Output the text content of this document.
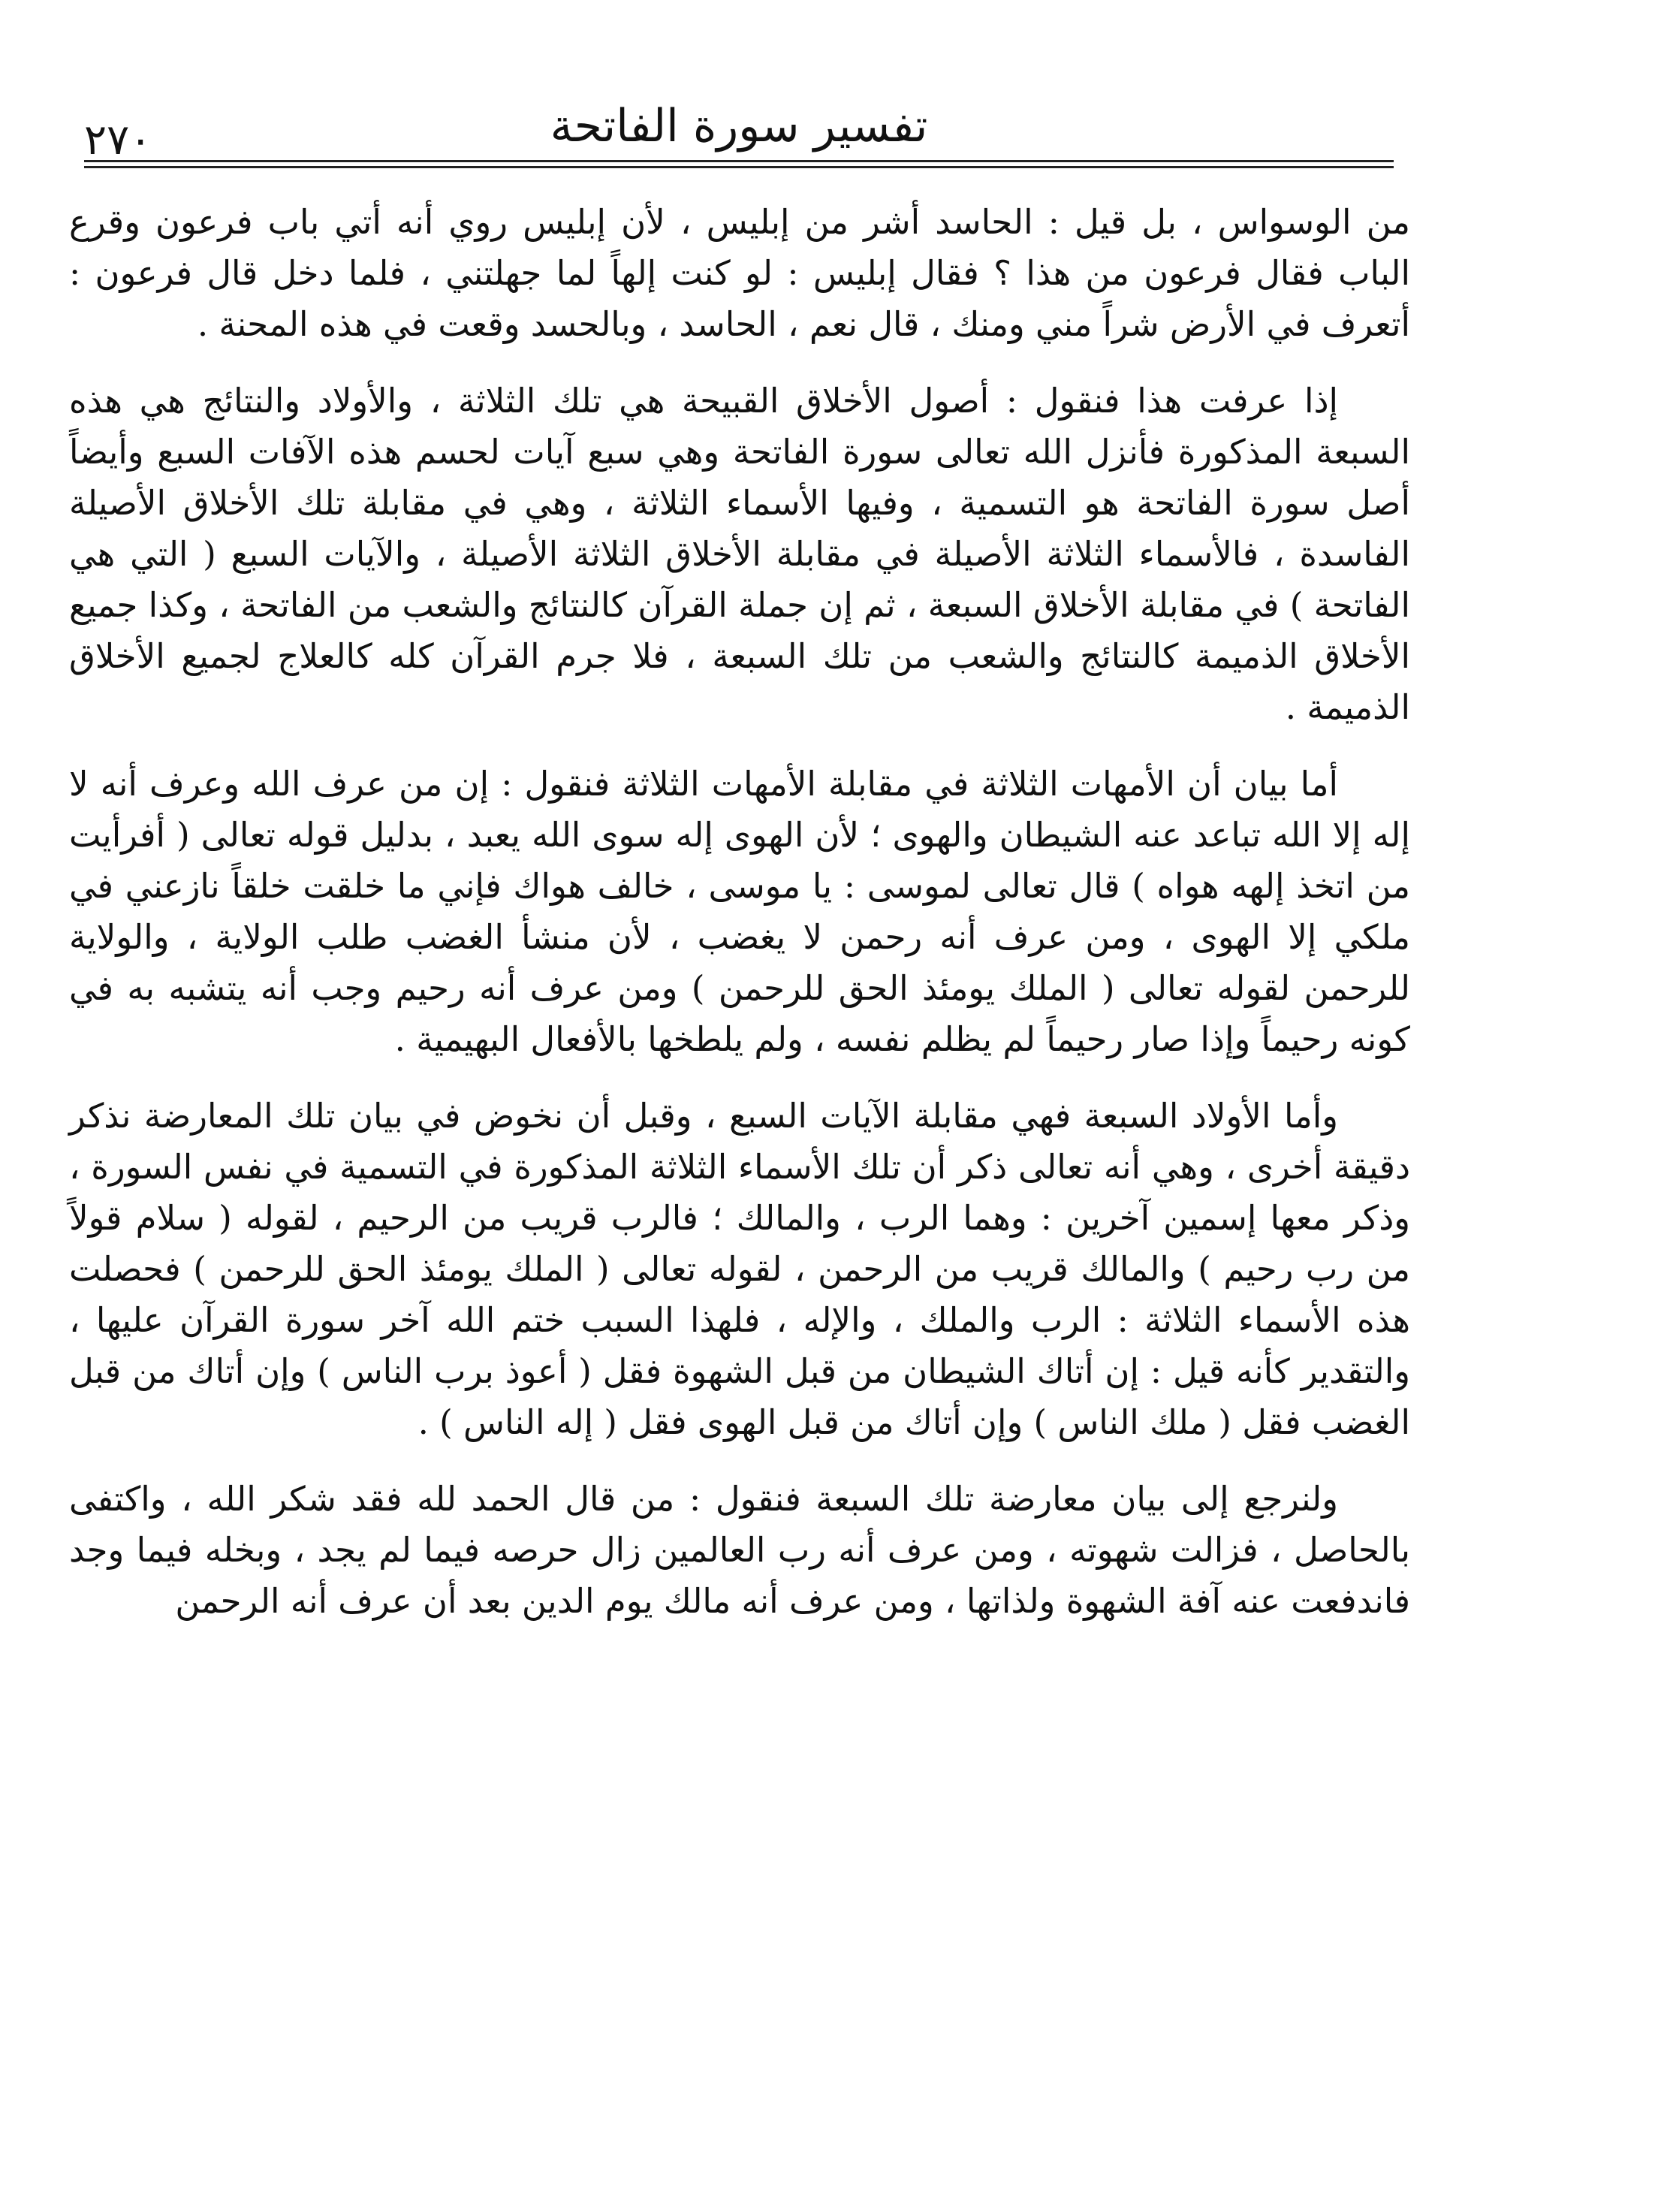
تفسير سورة الفاتحة
٢٧٠

من الوسواس ، بل قيل : الحاسد أشر من إبليس ، لأن إبليس روي أنه أتي باب فرعون وقرع الباب فقال فرعون من هذا ؟ فقال إبليس : لو كنت إلهاً لما جهلتني ، فلما دخل قال فرعون : أتعرف في الأرض شراً مني ومنك ، قال نعم ، الحاسد ، وبالحسد وقعت في هذه المحنة .

إذا عرفت هذا فنقول : أصول الأخلاق القبيحة هي تلك الثلاثة ، والأولاد والنتائج هي هذه السبعة المذكورة فأنزل الله تعالى سورة الفاتحة وهي سبع آيات لحسم هذه الآفات السبع وأيضاً أصل سورة الفاتحة هو التسمية ، وفيها الأسماء الثلاثة ، وهي في مقابلة تلك الأخلاق الأصيلة الفاسدة ، فالأسماء الثلاثة الأصيلة في مقابلة الأخلاق الثلاثة الأصيلة ، والآيات السبع ( التي هي الفاتحة ) في مقابلة الأخلاق السبعة ، ثم إن جملة القرآن كالنتائج والشعب من الفاتحة ، وكذا جميع الأخلاق الذميمة كالنتائج والشعب من تلك السبعة ، فلا جرم القرآن كله كالعلاج لجميع الأخلاق الذميمة .

أما بيان أن الأمهات الثلاثة في مقابلة الأمهات الثلاثة فنقول : إن من عرف الله وعرف أنه لا إله إلا الله تباعد عنه الشيطان والهوى ؛ لأن الهوى إله سوى الله يعبد ، بدليل قوله تعالى ( أفرأيت من اتخذ إلهه هواه ) قال تعالى لموسى : يا موسى ، خالف هواك فإني ما خلقت خلقاً نازعني في ملكي إلا الهوى ، ومن عرف أنه رحمن لا يغضب ، لأن منشأ الغضب طلب الولاية ، والولاية للرحمن لقوله تعالى ( الملك يومئذ الحق للرحمن ) ومن عرف أنه رحيم وجب أنه يتشبه به في كونه رحيماً وإذا صار رحيماً لم يظلم نفسه ، ولم يلطخها بالأفعال البهيمية .

وأما الأولاد السبعة فهي مقابلة الآيات السبع ، وقبل أن نخوض في بيان تلك المعارضة نذكر دقيقة أخرى ، وهي أنه تعالى ذكر أن تلك الأسماء الثلاثة المذكورة في التسمية في نفس السورة ، وذكر معها إسمين آخرين : وهما الرب ، والمالك ؛ فالرب قريب من الرحيم ، لقوله ( سلام قولاً من رب رحيم ) والمالك قريب من الرحمن ، لقوله تعالى ( الملك يومئذ الحق للرحمن ) فحصلت هذه الأسماء الثلاثة : الرب والملك ، والإله ، فلهذا السبب ختم الله آخر سورة القرآن عليها ، والتقدير كأنه قيل : إن أتاك الشيطان من قبل الشهوة فقل ( أعوذ برب الناس ) وإن أتاك من قبل الغضب فقل ( ملك الناس ) وإن أتاك من قبل الهوى فقل ( إله الناس ) .

ولنرجع إلى بيان معارضة تلك السبعة فنقول : من قال الحمد لله فقد شكر الله ، واكتفى بالحاصل ، فزالت شهوته ، ومن عرف أنه رب العالمين زال حرصه فيما لم يجد ، وبخله فيما وجد فاندفعت عنه آفة الشهوة ولذاتها ، ومن عرف أنه مالك يوم الدين بعد أن عرف أنه الرحمن
